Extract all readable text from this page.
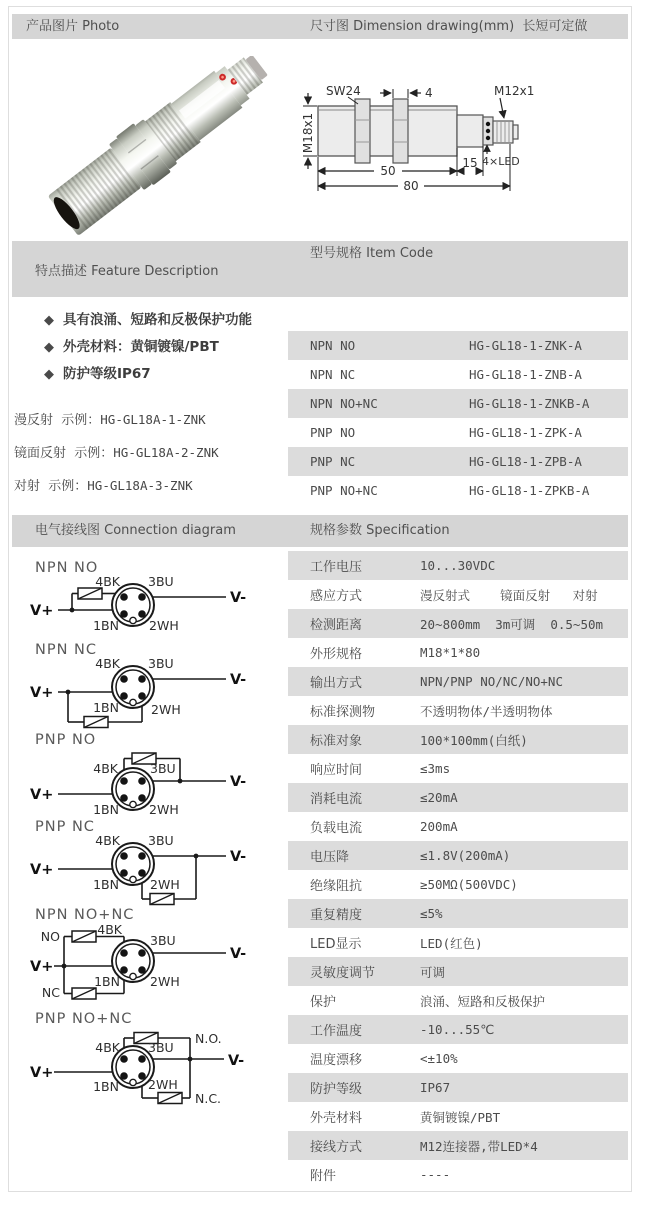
产品图片 Photo	尺寸图 Dimension drawing(mm)  长短可定做
M18x1
SW24	4	M12x1
4×LED
50
15
80
型号规格 Item Code
特点描述 Feature Description
◆ 具有浪涌、短路和反极保护功能
◆ 外壳材料：黄铜镀镍/PBT
◆ 防护等级IP67
漫反射  示例：HG-GL18A-1-ZNK
镜面反射  示例：HG-GL18A-2-ZNK
对射  示例：HG-GL18A-3-ZNK
NPN NO	HG-GL18-1-ZNK-A
NPN NC	HG-GL18-1-ZNB-A
NPN NO+NC	HG-GL18-1-ZNKB-A
PNP NO	HG-GL18-1-ZPK-A
PNP NC	HG-GL18-1-ZPB-A
PNP NO+NC	HG-GL18-1-ZPKB-A
电气接线图 Connection diagram	规格参数 Specification
NPN NO
4BK 3BU
1BN 2WH
V+
V-
NPN NC
4BK 3BU
1BN	2WH
V+
V-
PNP NO
4BK	3BU
1BN 2WH
V+
V-
PNP NC
4BK 3BU
1BN 2WH
V+
V-
NPN NO+NC
4BK
3BU
1BN 2WH
V+
V-
NO
NC
PNP NO+NC
4BK 3BU
1BN 2WH
V+
V-
N.O.
N.C.
工作电压	10...30VDC
感应方式	漫反射式    镜面反射   对射
检测距离	20~800mm  3m可调  0.5~50m
外形规格	M18*1*80
输出方式	NPN/PNP NO/NC/NO+NC
标准探测物	不透明物体/半透明物体
标准对象	100*100mm(白纸)
响应时间	≤3ms
消耗电流	≤20mA
负载电流	200mA
电压降	≤1.8V(200mA)
绝缘阻抗	≥50MΩ(500VDC)
重复精度	≤5%
LED显示	LED(红色)
灵敏度调节	可调
保护	浪涌、短路和反极保护
工作温度	-10...55℃
温度漂移	<±10%
防护等级	IP67
外壳材料	黄铜镀镍/PBT
接线方式	M12连接器,带LED*4
附件	----
